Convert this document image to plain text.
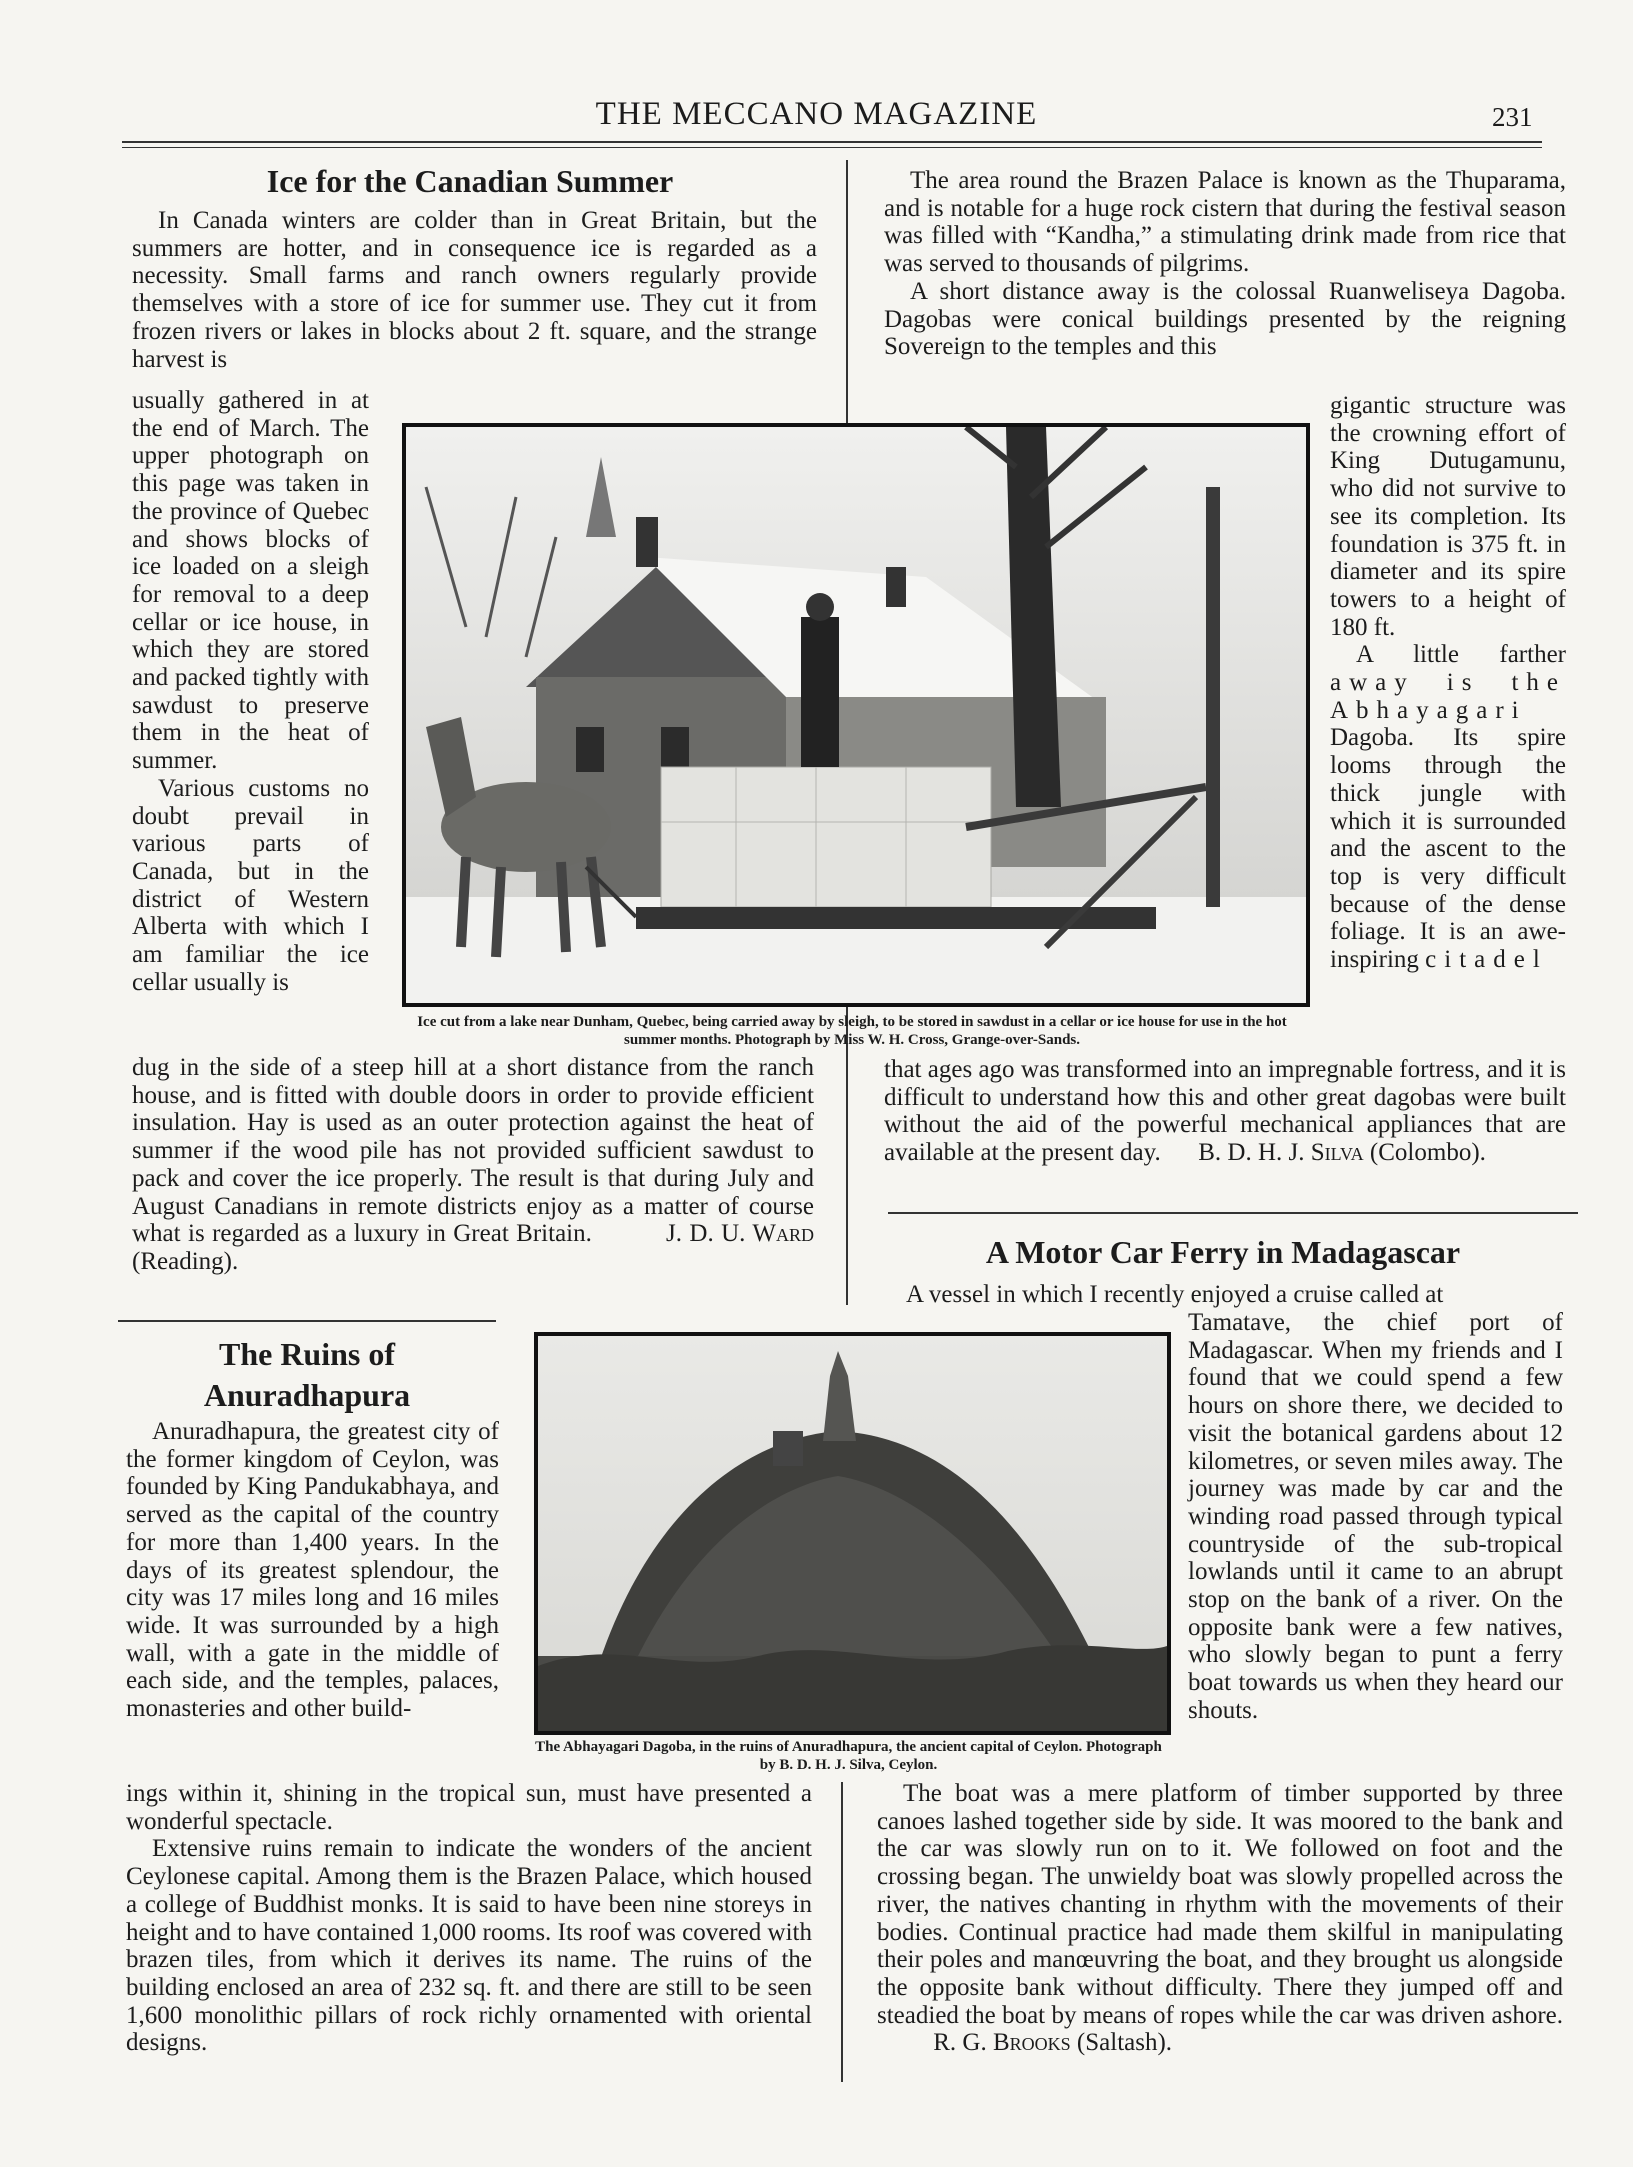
THE MECCANO MAGAZINE	231
Ice for the Canadian Summer

In Canada winters are colder than in Great Britain, but the summers are hotter, and in consequence ice is regarded as a necessity. Small farms and ranch owners regularly provide themselves with a store of ice for summer use. They cut it from frozen rivers or lakes in blocks about 2 ft. square, and the strange harvest is

usually gathered in at the end of March. The upper photograph on this page was taken in the province of Quebec and shows blocks of ice loaded on a sleigh for removal to a deep cellar or ice house, in which they are stored and packed tightly with sawdust to preserve them in the heat of summer.

Various customs no doubt prevail in various parts of Canada, but in the district of Western Alberta with which I am familiar the ice cellar usually is

dug in the side of a steep hill at a short distance from the ranch house, and is fitted with double doors in order to provide efficient insulation. Hay is used as an outer protection against the heat of summer if the wood pile has not provided sufficient sawdust to pack and cover the ice properly. The result is that during July and August Canadians in remote districts enjoy as a matter of course what is regarded as a luxury in Great Britain.	J. D. U. Ward (Reading).

Ice cut from a lake near Dunham, Quebec, being carried away by sleigh, to be stored in sawdust in a cellar or ice house for use in the hot summer months. Photograph by Miss W. H. Cross, Grange-over-Sands.

The area round the Brazen Palace is known as the Thuparama, and is notable for a huge rock cistern that during the festival season was filled with “Kandha,” a stimulating drink made from rice that was served to thousands of pilgrims.

A short distance away is the colossal Ruanweliseya Dagoba. Dagobas were conical buildings presented by the reigning Sovereign to the temples and this

gigantic structure was the crowning effort of King Dutugamunu, who did not survive to see its completion. Its foundation is 375 ft. in diameter and its spire towers to a height of 180 ft.

A little farther away is the Abhayagari Dagoba. Its spire looms through the thick jungle with which it is surrounded and the ascent to the top is very difficult because of the dense foliage. It is an awe-inspiring citadel

that ages ago was transformed into an impregnable fortress, and it is difficult to understand how this and other great dagobas were built without the aid of the powerful mechanical appliances that are available at the present day. B. D. H. J. Silva (Colombo).

A Motor Car Ferry in Madagascar

A vessel in which I recently enjoyed a cruise called at

Tamatave, the chief port of Madagascar. When my friends and I found that we could spend a few hours on shore there, we decided to visit the botanical gardens about 12 kilometres, or seven miles away. The journey was made by car and the winding road passed through typical countryside of the sub-tropical lowlands until it came to an abrupt stop on the bank of a river. On the opposite bank were a few natives, who slowly began to punt a ferry boat towards us when they heard our shouts.

The boat was a mere platform of timber supported by three canoes lashed together side by side. It was moored to the bank and the car was slowly run on to it. We followed on foot and the crossing began. The unwieldy boat was slowly propelled across the river, the natives chanting in rhythm with the movements of their bodies. Continual practice had made them skilful in manipulating their poles and manœuvring the boat, and they brought us alongside the opposite bank without difficulty. There they jumped off and steadied the boat by means of ropes while the car was driven ashore.          R. G. Brooks (Saltash).

The Ruins of
Anuradhapura

Anuradhapura, the greatest city of the former kingdom of Ceylon, was founded by King Pandukabhaya, and served as the capital of the country for more than 1,400 years. In the days of its greatest splendour, the city was 17 miles long and 16 miles wide. It was surrounded by a high wall, with a gate in the middle of each side, and the temples, palaces, monasteries and other build-

ings within it, shining in the tropical sun, must have presented a wonderful spectacle.

Extensive ruins remain to indicate the wonders of the ancient Ceylonese capital. Among them is the Brazen Palace, which housed a college of Buddhist monks. It is said to have been nine storeys in height and to have contained 1,000 rooms. Its roof was covered with brazen tiles, from which it derives its name. The ruins of the building enclosed an area of 232 sq. ft. and there are still to be seen 1,600 monolithic pillars of rock richly ornamented with oriental designs.

The Abhayagari Dagoba, in the ruins of Anuradhapura, the ancient capital of Ceylon. Photograph by B. D. H. J. Silva, Ceylon.
